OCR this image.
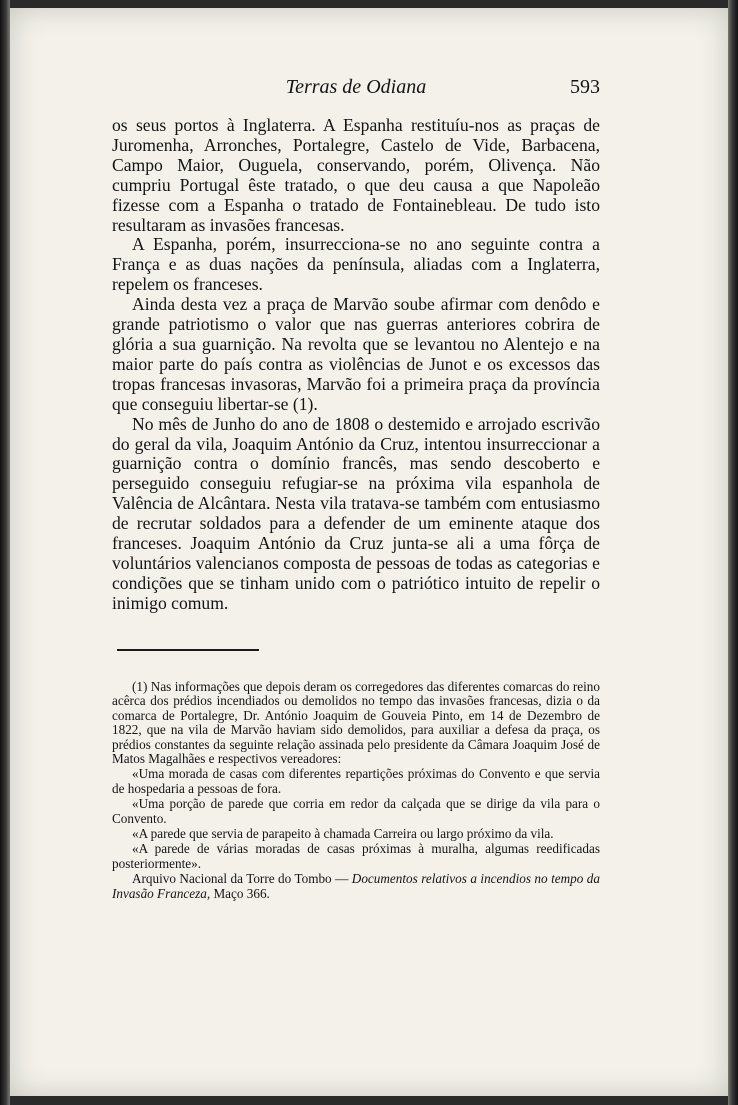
Terras de Odiana	593

os seus portos à Inglaterra. A Espanha restituíu-nos as praças de Juromenha, Arronches, Portalegre, Castelo de Vide, Barbacena, Campo Maior, Ouguela, conservando, porém, Olivença. Não cumpriu Portugal êste tratado, o que deu causa a que Napoleão fizesse com a Espanha o tratado de Fontainebleau. De tudo isto resultaram as invasões francesas.

A Espanha, porém, insurrecciona-se no ano seguinte contra a França e as duas nações da península, aliadas com a Inglaterra, repelem os franceses.

Ainda desta vez a praça de Marvão soube afirmar com denôdo e grande patriotismo o valor que nas guerras anteriores cobrira de glória a sua guarnição. Na revolta que se levantou no Alentejo e na maior parte do país contra as violências de Junot e os excessos das tropas francesas invasoras, Marvão foi a primeira praça da província que conseguiu libertar-se (1).

No mês de Junho do ano de 1808 o destemido e arrojado escrivão do geral da vila, Joaquim António da Cruz, intentou insurreccionar a guarnição contra o domínio francês, mas sendo descoberto e perseguido conseguiu refugiar-se na próxima vila espanhola de Valência de Alcântara. Nesta vila tratava-se também com entusiasmo de recrutar soldados para a defender de um eminente ataque dos franceses. Joaquim António da Cruz junta-se ali a uma fôrça de voluntários valencianos composta de pessoas de todas as categorias e condições que se tinham unido com o patriótico intuito de repelir o inimigo comum.

(1) Nas informações que depois deram os corregedores das diferentes comarcas do reino acêrca dos prédios incendiados ou demolidos no tempo das invasões francesas, dizia o da comarca de Portalegre, Dr. António Joaquim de Gouveia Pinto, em 14 de Dezembro de 1822, que na vila de Marvão haviam sido demolidos, para auxiliar a defesa da praça, os prédios constantes da seguinte relação assinada pelo presidente da Câmara Joaquim José de Matos Magalhães e respectivos vereadores:

«Uma morada de casas com diferentes repartições próximas do Convento e que servia de hospedaria a pessoas de fora.

«Uma porção de parede que corria em redor da calçada que se dirige da vila para o Convento.

«A parede que servia de parapeito à chamada Carreira ou largo próximo da vila.

«A parede de várias moradas de casas próximas à muralha, algumas reedificadas posteriormente».

Arquivo Nacional da Torre do Tombo — Documentos relativos a incendios no tempo da Invasão Franceza, Maço 366.
